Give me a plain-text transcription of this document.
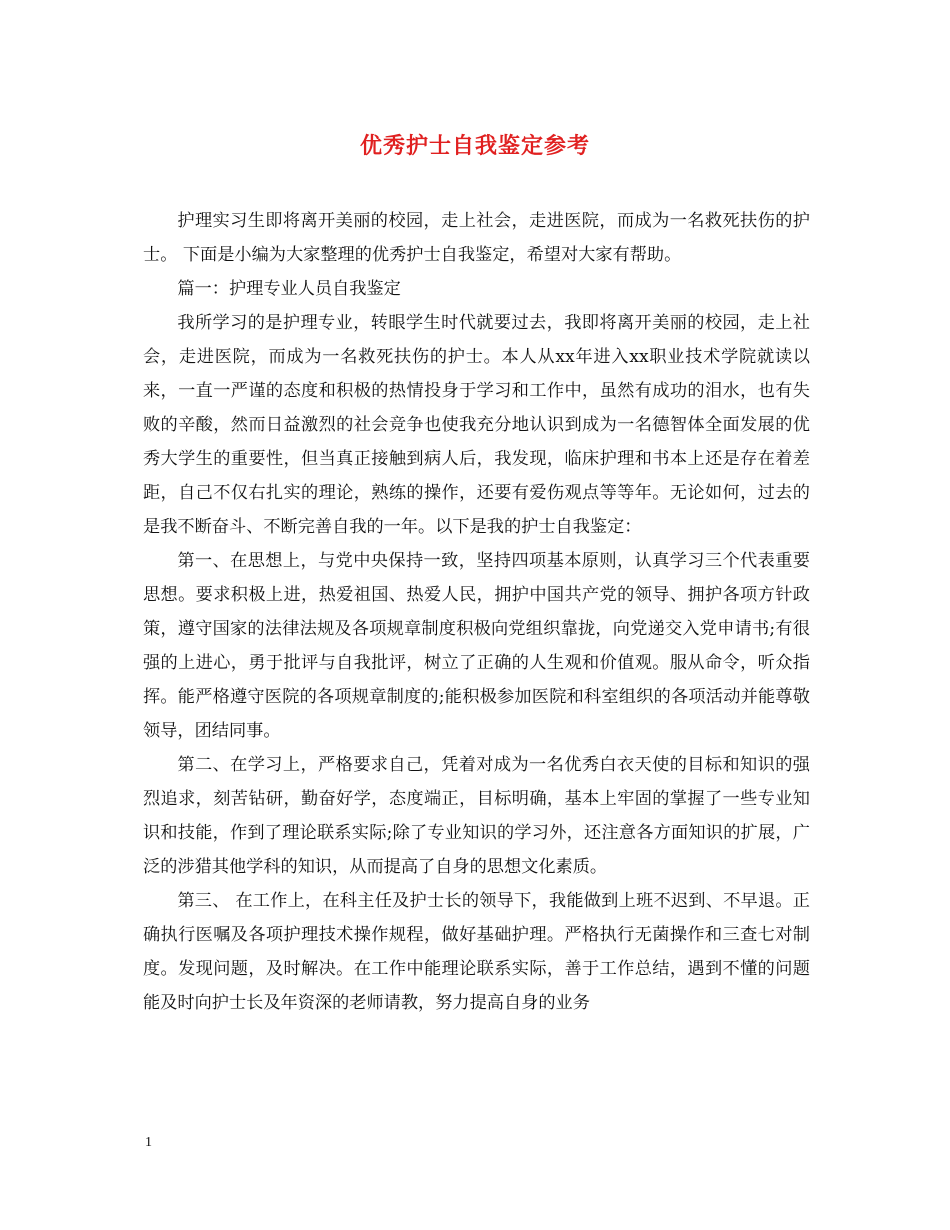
优秀护士自我鉴定参考

护理实习生即将离开美丽的校园，走上社会，走进医院，而成为一名救死扶伤的护士。 下面是小编为大家整理的优秀护士自我鉴定，希望对大家有帮助。

篇一：护理专业人员自我鉴定

我所学习的是护理专业，转眼学生时代就要过去，我即将离开美丽的校园，走上社会，走进医院，而成为一名救死扶伤的护士。本人从xx年进入xx职业技术学院就读以来，一直一严谨的态度和积极的热情投身于学习和工作中，虽然有成功的泪水，也有失败的辛酸，然而日益激烈的社会竞争也使我充分地认识到成为一名德智体全面发展的优秀大学生的重要性，但当真正接触到病人后，我发现，临床护理和书本上还是存在着差距，自己不仅右扎实的理论，熟练的操作，还要有爱伤观点等等年。无论如何，过去的是我不断奋斗、不断完善自我的一年。以下是我的护士自我鉴定：

第一、在思想上，与党中央保持一致，坚持四项基本原则，认真学习三个代表重要思想。要求积极上进，热爱祖国、热爱人民，拥护中国共产党的领导、拥护各项方针政策，遵守国家的法律法规及各项规章制度积极向党组织靠拢，向党递交入党申请书;有很强的上进心，勇于批评与自我批评，树立了正确的人生观和价值观。服从命令，听众指挥。能严格遵守医院的各项规章制度的;能积极参加医院和科室组织的各项活动并能尊敬领导，团结同事。

第二、在学习上，严格要求自己，凭着对成为一名优秀白衣天使的目标和知识的强烈追求，刻苦钻研，勤奋好学，态度端正，目标明确，基本上牢固的掌握了一些专业知识和技能，作到了理论联系实际;除了专业知识的学习外，还注意各方面知识的扩展，广泛的涉猎其他学科的知识，从而提高了自身的思想文化素质。

第三、 在工作上，在科主任及护士长的领导下，我能做到上班不迟到、不早退。正确执行医嘱及各项护理技术操作规程，做好基础护理。严格执行无菌操作和三查七对制度。发现问题，及时解决。在工作中能理论联系实际，善于工作总结，遇到不懂的问题能及时向护士长及年资深的老师请教，努力提高自身的业务

1
